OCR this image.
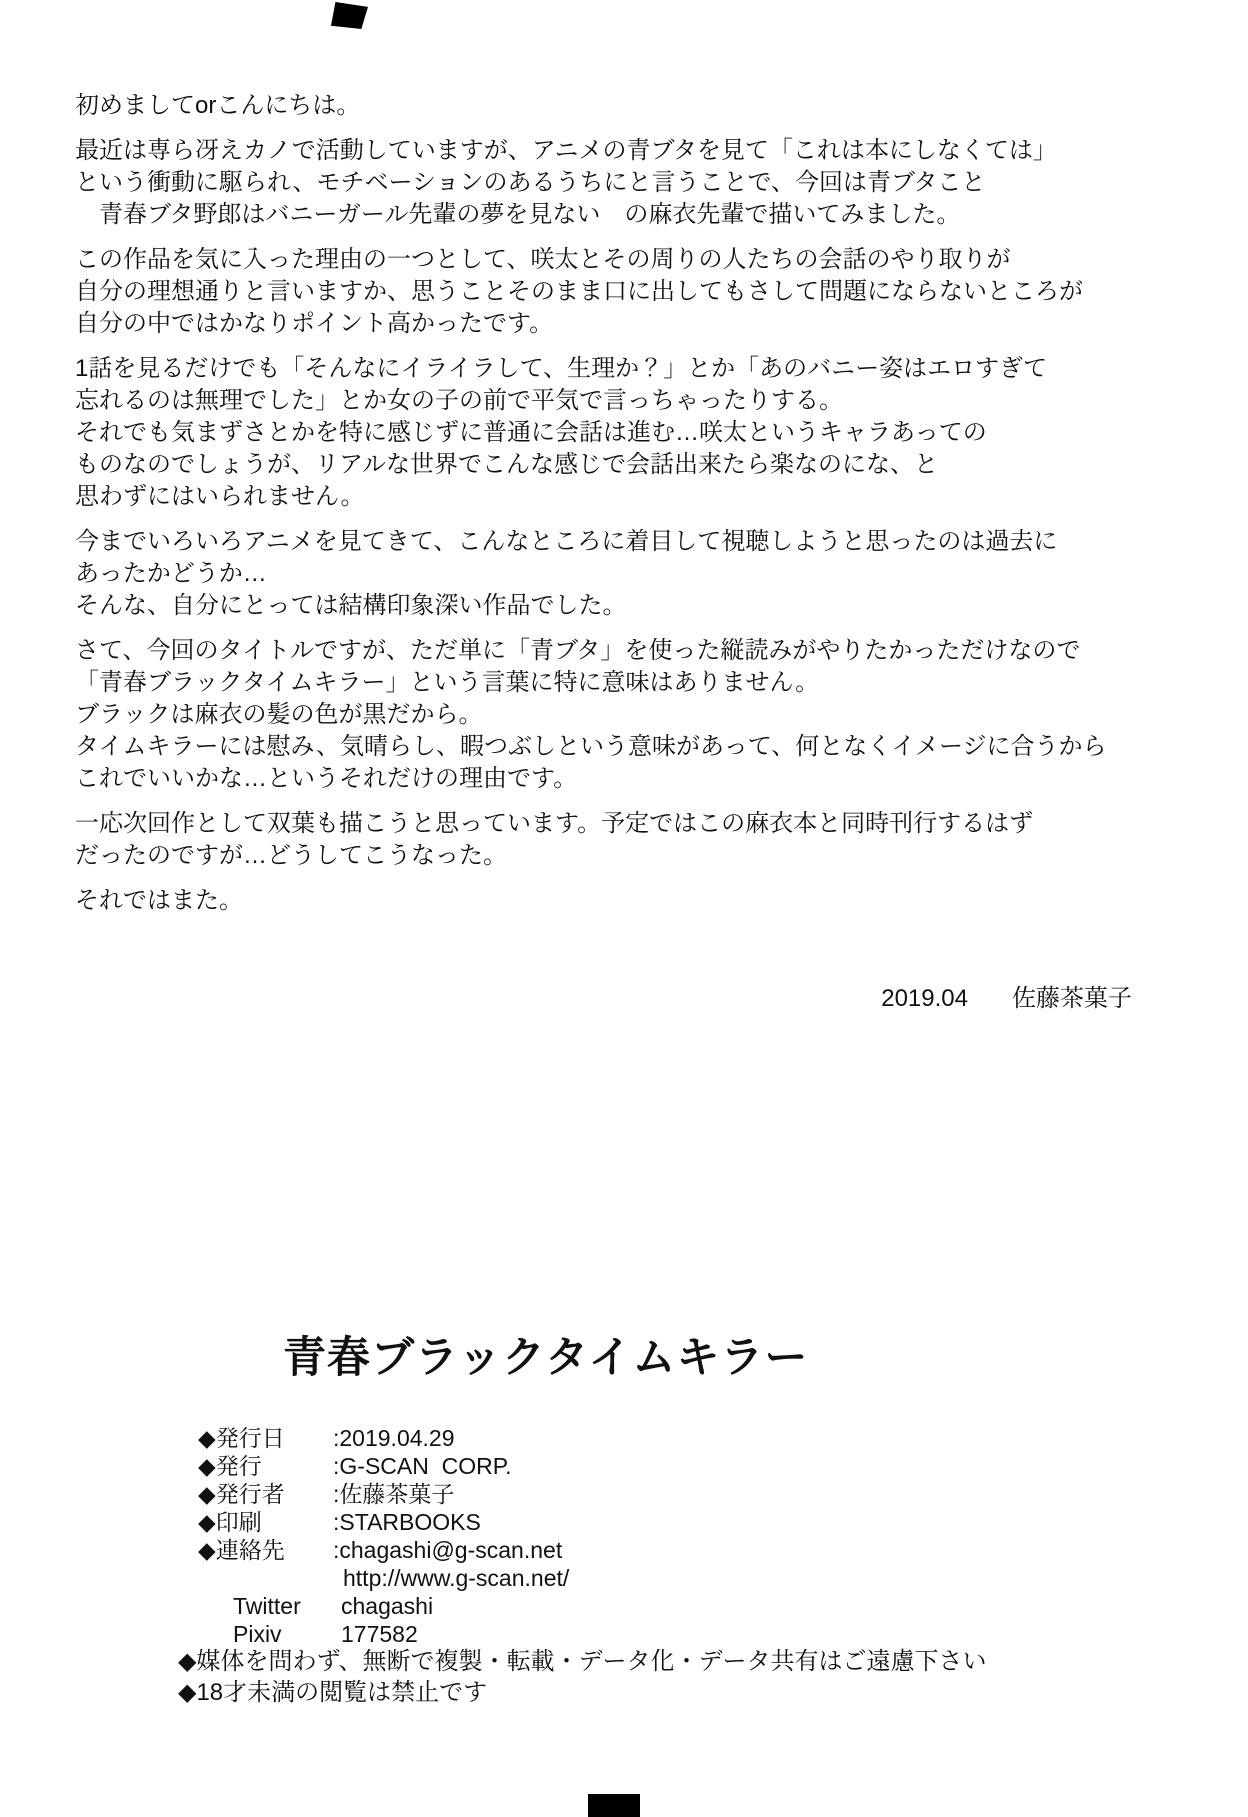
初めましてorこんにちは。
最近は専ら冴えカノで活動していますが、アニメの青ブタを見て「これは本にしなくては」
という衝動に駆られ、モチベーションのあるうちにと言うことで、今回は青ブタこと
　青春ブタ野郎はバニーガール先輩の夢を見ない　の麻衣先輩で描いてみました。
この作品を気に入った理由の一つとして、咲太とその周りの人たちの会話のやり取りが
自分の理想通りと言いますか、思うことそのまま口に出してもさして問題にならないところが
自分の中ではかなりポイント高かったです。
1話を見るだけでも「そんなにイライラして、生理か？」とか「あのバニー姿はエロすぎて
忘れるのは無理でした」とか女の子の前で平気で言っちゃったりする。
それでも気まずさとかを特に感じずに普通に会話は進む…咲太というキャラあっての
ものなのでしょうが、リアルな世界でこんな感じで会話出来たら楽なのにな、と
思わずにはいられません。
今までいろいろアニメを見てきて、こんなところに着目して視聴しようと思ったのは過去に
あったかどうか…
そんな、自分にとっては結構印象深い作品でした。
さて、今回のタイトルですが、ただ単に「青ブタ」を使った縦読みがやりたかっただけなので
「青春ブラックタイムキラー」という言葉に特に意味はありません。
ブラックは麻衣の髪の色が黒だから。
タイムキラーには慰み、気晴らし、暇つぶしという意味があって、何となくイメージに合うから
これでいいかな…というそれだけの理由です。
一応次回作として双葉も描こうと思っています。予定ではこの麻衣本と同時刊行するはず
だったのですが…どうしてこうなった。
それではまた。

2019.04 佐藤茶菓子

青春ブラックタイムキラー
◆発行日	:2019.04.29
◆発行	:G-SCAN  CORP.
◆発行者	:佐藤茶菓子
◆印刷	:STARBOOKS
◆連絡先	:chagashi@g-scan.net
http://www.g-scan.net/
Twitter	chagashi
Pixiv	177582
◆媒体を問わず、無断で複製・転載・データ化・データ共有はご遠慮下さい
◆18才未満の閲覧は禁止です
